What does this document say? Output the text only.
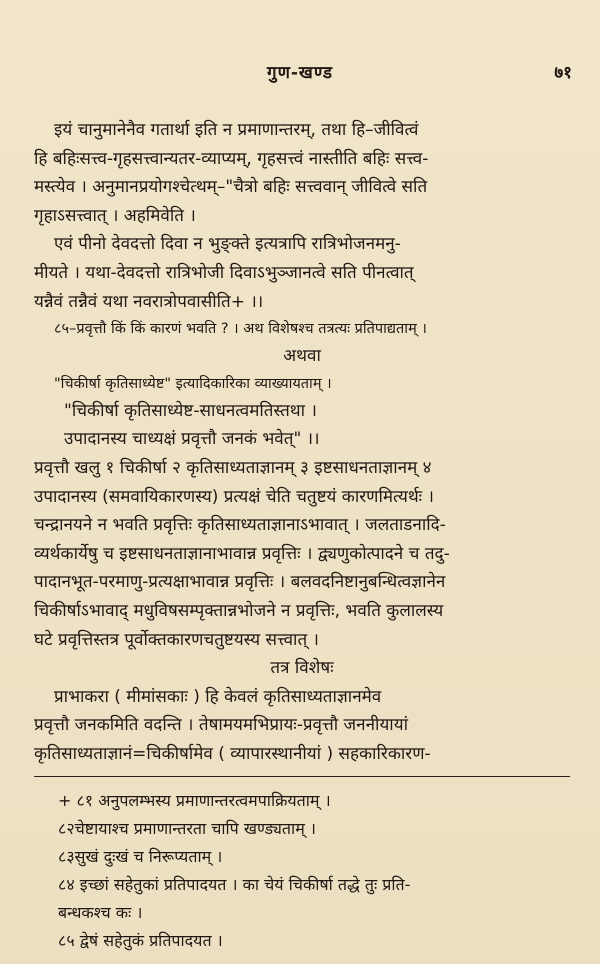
गुण-खण्ड	७१

इयं चानुमानेनैव गतार्था इति न प्रमाणान्तरम्, तथा हि–जीवित्वं

हि बहिःसत्त्व-गृहसत्त्वान्यतर-व्याप्यम्, गृहसत्त्वं नास्तीति बहिः सत्त्व-

मस्त्येव । अनुमानप्रयोगश्चेत्थम्–"चैत्रो बहिः सत्त्ववान् जीवित्वे सति

गृहाऽसत्त्वात् । अहमिवेति ।

एवं पीनो देवदत्तो दिवा न भुङ्क्ते इत्यत्रापि रात्रिभोजनमनु-

मीयते । यथा-देवदत्तो रात्रिभोजी दिवाऽभुञ्जानत्वे सति पीनत्वात्

यन्नैवं तन्नैवं यथा नवरात्रोपवासीति+ ।।

८५–प्रवृत्तौ किं किं कारणं भवति ? । अथ विशेषश्च तत्रत्यः प्रतिपाद्यताम् ।

अथवा

"चिकीर्षा कृतिसाध्येष्ट" इत्यादिकारिका व्याख्यायताम् ।

"चिकीर्षा कृतिसाध्येष्ट-साधनत्वमतिस्तथा ।

उपादानस्य चाध्यक्षं प्रवृत्तौ जनकं भवेत्" ।।

प्रवृत्तौ खलु १ चिकीर्षा २ कृतिसाध्यताज्ञानम् ३ इष्टसाधनताज्ञानम् ४

उपादानस्य (समवायिकारणस्य) प्रत्यक्षं चेति चतुष्टयं कारणमित्यर्थः ।

चन्द्रानयने न भवति प्रवृत्तिः कृतिसाध्यताज्ञानाऽभावात् । जलताडनादि-

व्यर्थकार्येषु च इष्टसाधनताज्ञानाभावान्न प्रवृत्तिः । द्व्यणुकोत्पादने च तदु-

पादानभूत-परमाणु-प्रत्यक्षाभावान्न प्रवृत्तिः । बलवदनिष्टानुबन्धित्वज्ञानेन

चिकीर्षाऽभावाद् मधुविषसम्पृक्तान्नभोजने न प्रवृत्तिः, भवति कुलालस्य

घटे प्रवृत्तिस्तत्र पूर्वोक्तकारणचतुष्टयस्य सत्त्वात् ।

तत्र विशेषः

प्राभाकरा ( मीमांसकाः ) हि केवलं कृतिसाध्यताज्ञानमेव

प्रवृत्तौ जनकमिति वदन्ति । तेषामयमभिप्रायः-प्रवृत्तौ जननीयायां

कृतिसाध्यताज्ञानं=चिकीर्षामेव ( व्यापारस्थानीयां ) सहकारिकारण-

+ ८१ अनुपलम्भस्य प्रमाणान्तरत्वमपाक्रियताम् ।

८२चेष्टायाश्च प्रमाणान्तरता चापि खण्ड्यताम् ।

८३सुखं दुःखं च निरूप्यताम् ।

८४ इच्छां सहेतुकां प्रतिपादयत । का चेयं चिकीर्षा तद्धे तुः प्रति-

बन्धकश्च कः ।

८५ द्वेषं सहेतुकं प्रतिपादयत ।
